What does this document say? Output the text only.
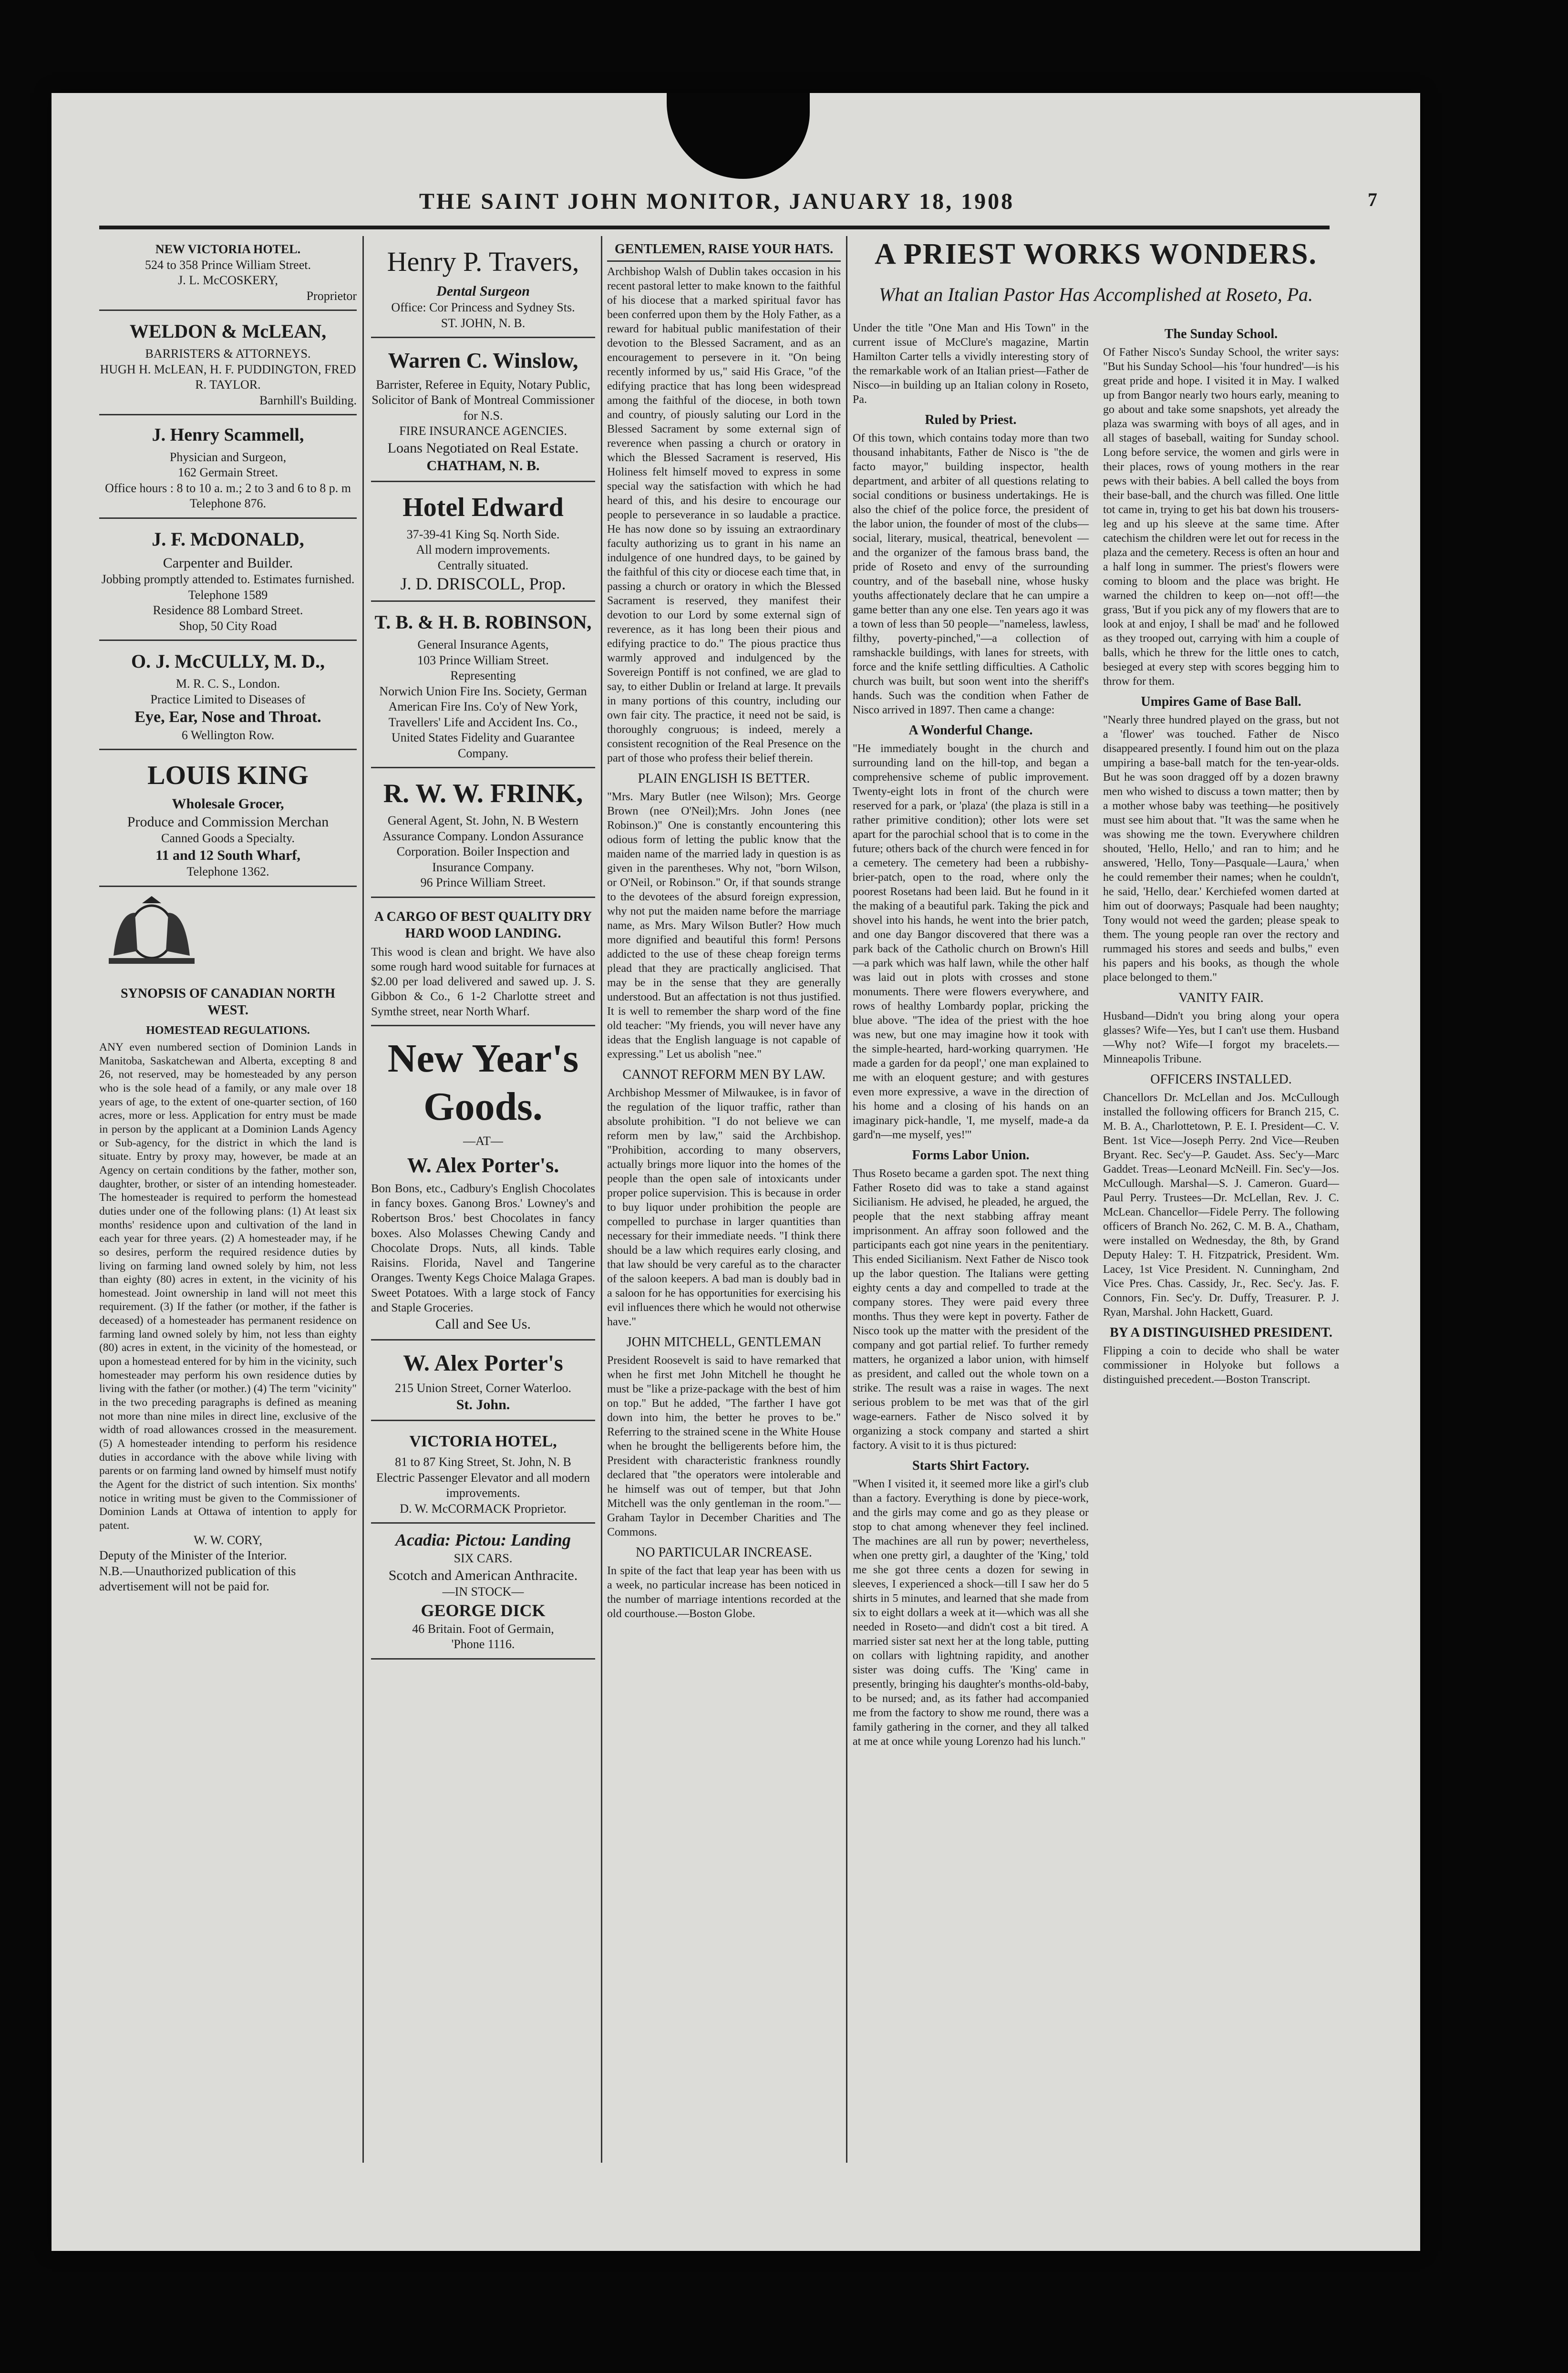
THE SAINT JOHN MONITOR, JANUARY 18, 1908	7
NEW VICTORIA HOTEL.
524 to 358 Prince William Street.
J. L. McCOSKERY,
Proprietor
WELDON & McLEAN,
BARRISTERS & ATTORNEYS.
HUGH H. McLEAN, H. F. PUDDINGTON, FRED R. TAYLOR.
Barnhill's Building.
J. Henry Scammell,
Physician and Surgeon,
162 Germain Street.
Office hours : 8 to 10 a. m.; 2 to 3 and 6 to 8 p. m
Telephone 876.
J. F. McDONALD,
Carpenter and Builder.
Jobbing promptly attended to. Estimates furnished.
Telephone 1589
Residence 88 Lombard Street.
Shop, 50 City Road
O. J. McCULLY, M. D.,
M. R. C. S., London.
Practice Limited to Diseases of
Eye, Ear, Nose and Throat.
6 Wellington Row.
LOUIS KING
Wholesale Grocer,
Produce and Commission Merchan
Canned Goods a Specialty.
11 and 12 South Wharf,
Telephone 1362.
SYNOPSIS OF CANADIAN NORTH WEST.
HOMESTEAD REGULATIONS.
ANY even numbered section of Dominion Lands in Manitoba, Saskatchewan and Alberta, excepting 8 and 26, not reserved, may be homesteaded by any person who is the sole head of a family, or any male over 18 years of age, to the extent of one-quarter section, of 160 acres, more or less. Application for entry must be made in person by the applicant at a Dominion Lands Agency or Sub-agency, for the district in which the land is situate. Entry by proxy may, however, be made at an Agency on certain conditions by the father, mother son, daughter, brother, or sister of an intending homesteader. The homesteader is required to perform the homestead duties under one of the following plans: (1) At least six months' residence upon and cultivation of the land in each year for three years. (2) A homesteader may, if he so desires, perform the required residence duties by living on farming land owned solely by him, not less than eighty (80) acres in extent, in the vicinity of his homestead. Joint ownership in land will not meet this requirement. (3) If the father (or mother, if the father is deceased) of a homesteader has permanent residence on farming land owned solely by him, not less than eighty (80) acres in extent, in the vicinity of the homestead, or upon a homestead entered for by him in the vicinity, such homesteader may perform his own residence duties by living with the father (or mother.) (4) The term "vicinity" in the two preceding paragraphs is defined as meaning not more than nine miles in direct line, exclusive of the width of road allowances crossed in the measurement. (5) A homesteader intending to perform his residence duties in accordance with the above while living with parents or on farming land owned by himself must notify the Agent for the district of such intention. Six months' notice in writing must be given to the Commissioner of Dominion Lands at Ottawa of intention to apply for patent.
W. W. CORY,
Deputy of the Minister of the Interior.
N.B.—Unauthorized publication of this advertisement will not be paid for.
Henry P. Travers,
Dental Surgeon
Office: Cor Princess and Sydney Sts.
ST. JOHN, N. B.
Warren C. Winslow,
Barrister, Referee in Equity, Notary Public, Solicitor of Bank of Montreal Commissioner for N.S.
FIRE INSURANCE AGENCIES.
Loans Negotiated on Real Estate.
CHATHAM, N. B.
Hotel Edward
37-39-41 King Sq. North Side.
All modern improvements.
Centrally situated.
J. D. DRISCOLL, Prop.
T. B. & H. B. ROBINSON,
General Insurance Agents,
103 Prince William Street.
Representing
Norwich Union Fire Ins. Society, German American Fire Ins. Co'y of New York, Travellers' Life and Accident Ins. Co., United States Fidelity and Guarantee Company.
R. W. W. FRINK,
General Agent, St. John, N. B Western Assurance Company. London Assurance Corporation. Boiler Inspection and Insurance Company.
96 Prince William Street.
A CARGO OF BEST QUALITY DRY HARD WOOD LANDING.
This wood is clean and bright. We have also some rough hard wood suitable for furnaces at $2.00 per load delivered and sawed up. J. S. Gibbon & Co., 6 1-2 Charlotte street and Symthe street, near North Wharf.
New Year's Goods.
—AT—
W. Alex Porter's.
Bon Bons, etc., Cadbury's English Chocolates in fancy boxes. Ganong Bros.' Lowney's and Robertson Bros.' best Chocolates in fancy boxes. Also Molasses Chewing Candy and Chocolate Drops. Nuts, all kinds. Table Raisins. Florida, Navel and Tangerine Oranges. Twenty Kegs Choice Malaga Grapes. Sweet Potatoes. With a large stock of Fancy and Staple Groceries.
Call and See Us.
W. Alex Porter's
215 Union Street, Corner Waterloo.
St. John.
VICTORIA HOTEL,
81 to 87 King Street, St. John, N. B
Electric Passenger Elevator and all modern improvements.
D. W. McCORMACK Proprietor.
Acadia: Pictou: Landing
SIX CARS.
Scotch and American Anthracite.
—IN STOCK—
GEORGE DICK
46 Britain. Foot of Germain,
'Phone 1116.
GENTLEMEN, RAISE YOUR HATS.
Archbishop Walsh of Dublin takes occasion in his recent pastoral letter to make known to the faithful of his diocese that a marked spiritual favor has been conferred upon them by the Holy Father, as a reward for habitual public manifestation of their devotion to the Blessed Sacrament, and as an encouragement to persevere in it. "On being recently informed by us," said His Grace, "of the edifying practice that has long been widespread among the faithful of the diocese, in both town and country, of piously saluting our Lord in the Blessed Sacrament by some external sign of reverence when passing a church or oratory in which the Blessed Sacrament is reserved, His Holiness felt himself moved to express in some special way the satisfaction with which he had heard of this, and his desire to encourage our people to perseverance in so laudable a practice. He has now done so by issuing an extraordinary faculty authorizing us to grant in his name an indulgence of one hundred days, to be gained by the faithful of this city or diocese each time that, in passing a church or oratory in which the Blessed Sacrament is reserved, they manifest their devotion to our Lord by some external sign of reverence, as it has long been their pious and edifying practice to do." The pious practice thus warmly approved and indulgenced by the Sovereign Pontiff is not confined, we are glad to say, to either Dublin or Ireland at large. It prevails in many portions of this country, including our own fair city. The practice, it need not be said, is thoroughly congruous; is indeed, merely a consistent recognition of the Real Presence on the part of those who profess their belief therein.
PLAIN ENGLISH IS BETTER.
"Mrs. Mary Butler (nee Wilson); Mrs. George Brown (nee O'Neil);Mrs. John Jones (nee Robinson.)" One is constantly encountering this odious form of letting the public know that the maiden name of the married lady in question is as given in the parentheses. Why not, "born Wilson, or O'Neil, or Robinson." Or, if that sounds strange to the devotees of the absurd foreign expression, why not put the maiden name before the marriage name, as Mrs. Mary Wilson Butler? How much more dignified and beautiful this form! Persons addicted to the use of these cheap foreign terms plead that they are practically anglicised. That may be in the sense that they are generally understood. But an affectation is not thus justified. It is well to remember the sharp word of the fine old teacher: "My friends, you will never have any ideas that the English language is not capable of expressing." Let us abolish "nee."
CANNOT REFORM MEN BY LAW.
Archbishop Messmer of Milwaukee, is in favor of the regulation of the liquor traffic, rather than absolute prohibition. "I do not believe we can reform men by law," said the Archbishop. "Prohibition, according to many observers, actually brings more liquor into the homes of the people than the open sale of intoxicants under proper police supervision. This is because in order to buy liquor under prohibition the people are compelled to purchase in larger quantities than necessary for their immediate needs. "I think there should be a law which requires early closing, and that law should be very careful as to the character of the saloon keepers. A bad man is doubly bad in a saloon for he has opportunities for exercising his evil influences there which he would not otherwise have."
JOHN MITCHELL, GENTLEMAN
President Roosevelt is said to have remarked that when he first met John Mitchell he thought he must be "like a prize-package with the best of him on top." But he added, "The farther I have got down into him, the better he proves to be." Referring to the strained scene in the White House when he brought the belligerents before him, the President with characteristic frankness roundly declared that "the operators were intolerable and he himself was out of temper, but that John Mitchell was the only gentleman in the room."—Graham Taylor in December Charities and The Commons.
NO PARTICULAR INCREASE.
In spite of the fact that leap year has been with us a week, no particular increase has been noticed in the number of marriage intentions recorded at the old courthouse.—Boston Globe.
A PRIEST WORKS WONDERS.
What an Italian Pastor Has Accomplished at Roseto, Pa.
Under the title "One Man and His Town" in the current issue of McClure's magazine, Martin Hamilton Carter tells a vividly interesting story of the remarkable work of an Italian priest—Father de Nisco—in building up an Italian colony in Roseto, Pa.
Ruled by Priest.
Of this town, which contains today more than two thousand inhabitants, Father de Nisco is "the de facto mayor," building inspector, health department, and arbiter of all questions relating to social conditions or business undertakings. He is also the chief of the police force, the president of the labor union, the founder of most of the clubs—social, literary, musical, theatrical, benevolent —and the organizer of the famous brass band, the pride of Roseto and envy of the surrounding country, and of the baseball nine, whose husky youths affectionately declare that he can umpire a game better than any one else. Ten years ago it was a town of less than 50 people—"nameless, lawless, filthy, poverty-pinched,"—a collection of ramshackle buildings, with lanes for streets, with force and the knife settling difficulties. A Catholic church was built, but soon went into the sheriff's hands. Such was the condition when Father de Nisco arrived in 1897. Then came a change:
A Wonderful Change.
"He immediately bought in the church and surrounding land on the hill-top, and began a comprehensive scheme of public improvement. Twenty-eight lots in front of the church were reserved for a park, or 'plaza' (the plaza is still in a rather primitive condition); other lots were set apart for the parochial school that is to come in the future; others back of the church were fenced in for a cemetery. The cemetery had been a rubbishy-brier-patch, open to the road, where only the poorest Rosetans had been laid. But he found in it the making of a beautiful park. Taking the pick and shovel into his hands, he went into the brier patch, and one day Bangor discovered that there was a park back of the Catholic church on Brown's Hill—a park which was half lawn, while the other half was laid out in plots with crosses and stone monuments. There were flowers everywhere, and rows of healthy Lombardy poplar, pricking the blue above. "The idea of the priest with the hoe was new, but one may imagine how it took with the simple-hearted, hard-working quarrymen. 'He made a garden for da peopl',' one man explained to me with an eloquent gesture; and with gestures even more expressive, a wave in the direction of his home and a closing of his hands on an imaginary pick-handle, 'I, me myself, made-a da gard'n—me myself, yes!'"
Forms Labor Union.
Thus Roseto became a garden spot. The next thing Father Roseto did was to take a stand against Sicilianism. He advised, he pleaded, he argued, the people that the next stabbing affray meant imprisonment. An affray soon followed and the participants each got nine years in the penitentiary. This ended Sicilianism. Next Father de Nisco took up the labor question. The Italians were getting eighty cents a day and compelled to trade at the company stores. They were paid every three months. Thus they were kept in poverty. Father de Nisco took up the matter with the president of the company and got partial relief. To further remedy matters, he organized a labor union, with himself as president, and called out the whole town on a strike. The result was a raise in wages. The next serious problem to be met was that of the girl wage-earners. Father de Nisco solved it by organizing a stock company and started a shirt factory. A visit to it is thus pictured:
Starts Shirt Factory.
"When I visited it, it seemed more like a girl's club than a factory. Everything is done by piece-work, and the girls may come and go as they please or stop to chat among whenever they feel inclined. The machines are all run by power; nevertheless, when one pretty girl, a daughter of the 'King,' told me she got three cents a dozen for sewing in sleeves, I experienced a shock—till I saw her do 5 shirts in 5 minutes, and learned that she made from six to eight dollars a week at it—which was all she needed in Roseto—and didn't cost a bit tired. A married sister sat next her at the long table, putting on collars with lightning rapidity, and another sister was doing cuffs. The 'King' came in presently, bringing his daughter's months-old-baby, to be nursed; and, as its father had accompanied me from the factory to show me round, there was a family gathering in the corner, and they all talked at me at once while young Lorenzo had his lunch."
The Sunday School.
Of Father Nisco's Sunday School, the writer says: "But his Sunday School—his 'four hundred'—is his great pride and hope. I visited it in May. I walked up from Bangor nearly two hours early, meaning to go about and take some snapshots, yet already the plaza was swarming with boys of all ages, and in all stages of baseball, waiting for Sunday school. Long before service, the women and girls were in their places, rows of young mothers in the rear pews with their babies. A bell called the boys from their base-ball, and the church was filled. One little tot came in, trying to get his bat down his trousers-leg and up his sleeve at the same time. After catechism the children were let out for recess in the plaza and the cemetery. Recess is often an hour and a half long in summer. The priest's flowers were coming to bloom and the place was bright. He warned the children to keep on—not off!—the grass, 'But if you pick any of my flowers that are to look at and enjoy, I shall be mad' and he followed as they trooped out, carrying with him a couple of balls, which he threw for the little ones to catch, besieged at every step with scores begging him to throw for them.
Umpires Game of Base Ball.
"Nearly three hundred played on the grass, but not a 'flower' was touched. Father de Nisco disappeared presently. I found him out on the plaza umpiring a base-ball match for the ten-year-olds. But he was soon dragged off by a dozen brawny men who wished to discuss a town matter; then by a mother whose baby was teething—he positively must see him about that. "It was the same when he was showing me the town. Everywhere children shouted, 'Hello, Hello,' and ran to him; and he answered, 'Hello, Tony—Pasquale—Laura,' when he could remember their names; when he couldn't, he said, 'Hello, dear.' Kerchiefed women darted at him out of doorways; Pasquale had been naughty; Tony would not weed the garden; please speak to them. The young people ran over the rectory and rummaged his stores and seeds and bulbs," even his papers and his books, as though the whole place belonged to them."
VANITY FAIR.
Husband—Didn't you bring along your opera glasses? Wife—Yes, but I can't use them. Husband—Why not? Wife—I forgot my bracelets.—Minneapolis Tribune.
OFFICERS INSTALLED.
Chancellors Dr. McLellan and Jos. McCullough installed the following officers for Branch 215, C. M. B. A., Charlottetown, P. E. I. President—C. V. Bent. 1st Vice—Joseph Perry. 2nd Vice—Reuben Bryant. Rec. Sec'y—P. Gaudet. Ass. Sec'y—Marc Gaddet. Treas—Leonard McNeill. Fin. Sec'y—Jos. McCullough. Marshal—S. J. Cameron. Guard—Paul Perry. Trustees—Dr. McLellan, Rev. J. C. McLean. Chancellor—Fidele Perry. The following officers of Branch No. 262, C. M. B. A., Chatham, were installed on Wednesday, the 8th, by Grand Deputy Haley: T. H. Fitzpatrick, President. Wm. Lacey, 1st Vice President. N. Cunningham, 2nd Vice Pres. Chas. Cassidy, Jr., Rec. Sec'y. Jas. F. Connors, Fin. Sec'y. Dr. Duffy, Treasurer. P. J. Ryan, Marshal. John Hackett, Guard.
BY A DISTINGUISHED PRESIDENT.
Flipping a coin to decide who shall be water commissioner in Holyoke but follows a distinguished precedent.—Boston Transcript.
